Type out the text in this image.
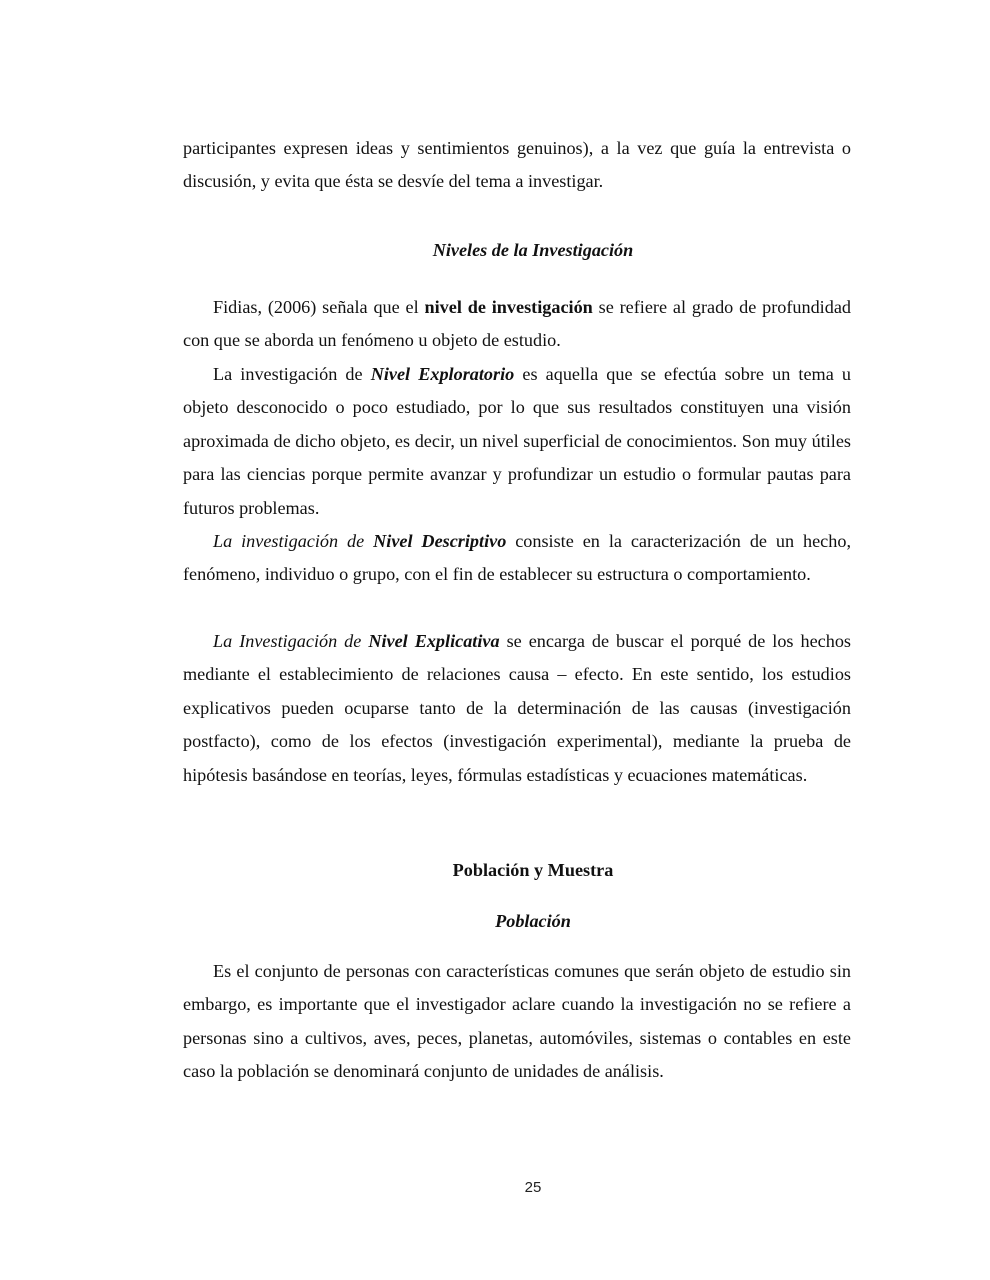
participantes expresen ideas y sentimientos genuinos), a la vez que guía la entrevista o discusión, y evita que ésta se desvíe del tema a investigar.

Niveles de la Investigación

Fidias, (2006) señala que el nivel de investigación se refiere al grado de profundidad con que se aborda un fenómeno u objeto de estudio.

La investigación de Nivel Exploratorio es aquella que se efectúa sobre un tema u objeto desconocido o poco estudiado, por lo que sus resultados constituyen una visión aproximada de dicho objeto, es decir, un nivel superficial de conocimientos. Son muy útiles para las ciencias porque permite avanzar y profundizar un estudio o formular pautas para futuros problemas.

La investigación de Nivel Descriptivo consiste en la caracterización de un hecho, fenómeno, individuo o grupo, con el fin de establecer su estructura o comportamiento.

La Investigación de Nivel Explicativa se encarga de buscar el porqué de los hechos mediante el establecimiento de relaciones causa – efecto. En este sentido, los estudios explicativos pueden ocuparse tanto de la determinación de las causas (investigación postfacto), como de los efectos (investigación experimental), mediante la prueba de hipótesis basándose en teorías, leyes, fórmulas estadísticas y ecuaciones matemáticas.

Población y Muestra
Población

Es el conjunto de personas con características comunes que serán objeto de estudio sin embargo, es importante que el investigador aclare cuando la investigación no se refiere a personas sino a cultivos, aves, peces, planetas, automóviles, sistemas o contables en este caso la población se denominará conjunto de unidades de análisis.

25
